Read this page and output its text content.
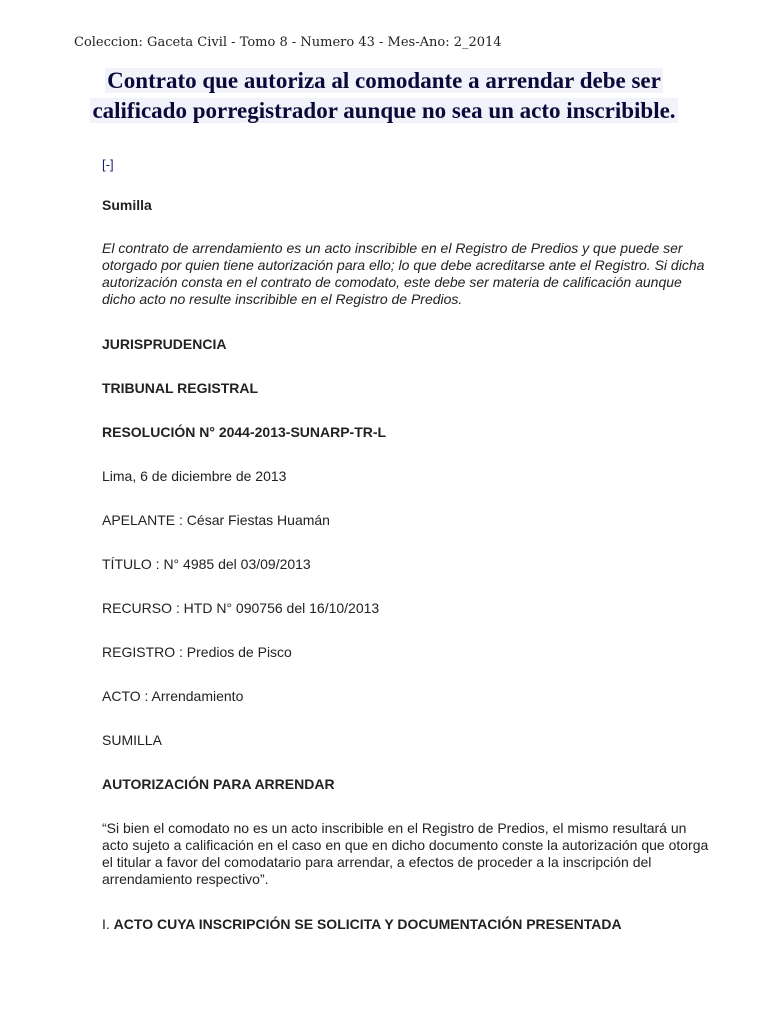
Coleccion: Gaceta Civil - Tomo 8 - Numero 43 - Mes-Ano: 2_2014
Contrato que autoriza al comodante a arrendar debe ser
calificado porregistrador aunque no sea un acto inscribible.
[-]
Sumilla
El contrato de arrendamiento es un acto inscribible en el Registro de Predios y que puede ser otorgado por quien tiene autorización para ello; lo que debe acreditarse ante el Registro. Si dicha autorización consta en el contrato de comodato, este debe ser materia de calificación aunque dicho acto no resulte inscribible en el Registro de Predios.
JURISPRUDENCIA
TRIBUNAL REGISTRAL
RESOLUCIÓN N° 2044-2013-SUNARP-TR-L
Lima, 6 de diciembre de 2013
APELANTE : César Fiestas Huamán
TÍTULO : N° 4985 del 03/09/2013
RECURSO : HTD N° 090756 del 16/10/2013
REGISTRO : Predios de Pisco
ACTO : Arrendamiento
SUMILLA
AUTORIZACIÓN PARA ARRENDAR
“Si bien el comodato no es un acto inscribible en el Registro de Predios, el mismo resultará un acto sujeto a calificación en el caso en que en dicho documento conste la autorización que otorga el titular a favor del comodatario para arrendar, a efectos de proceder a la inscripción del arrendamiento respectivo”.
I. ACTO CUYA INSCRIPCIÓN SE SOLICITA Y DOCUMENTACIÓN PRESENTADA
